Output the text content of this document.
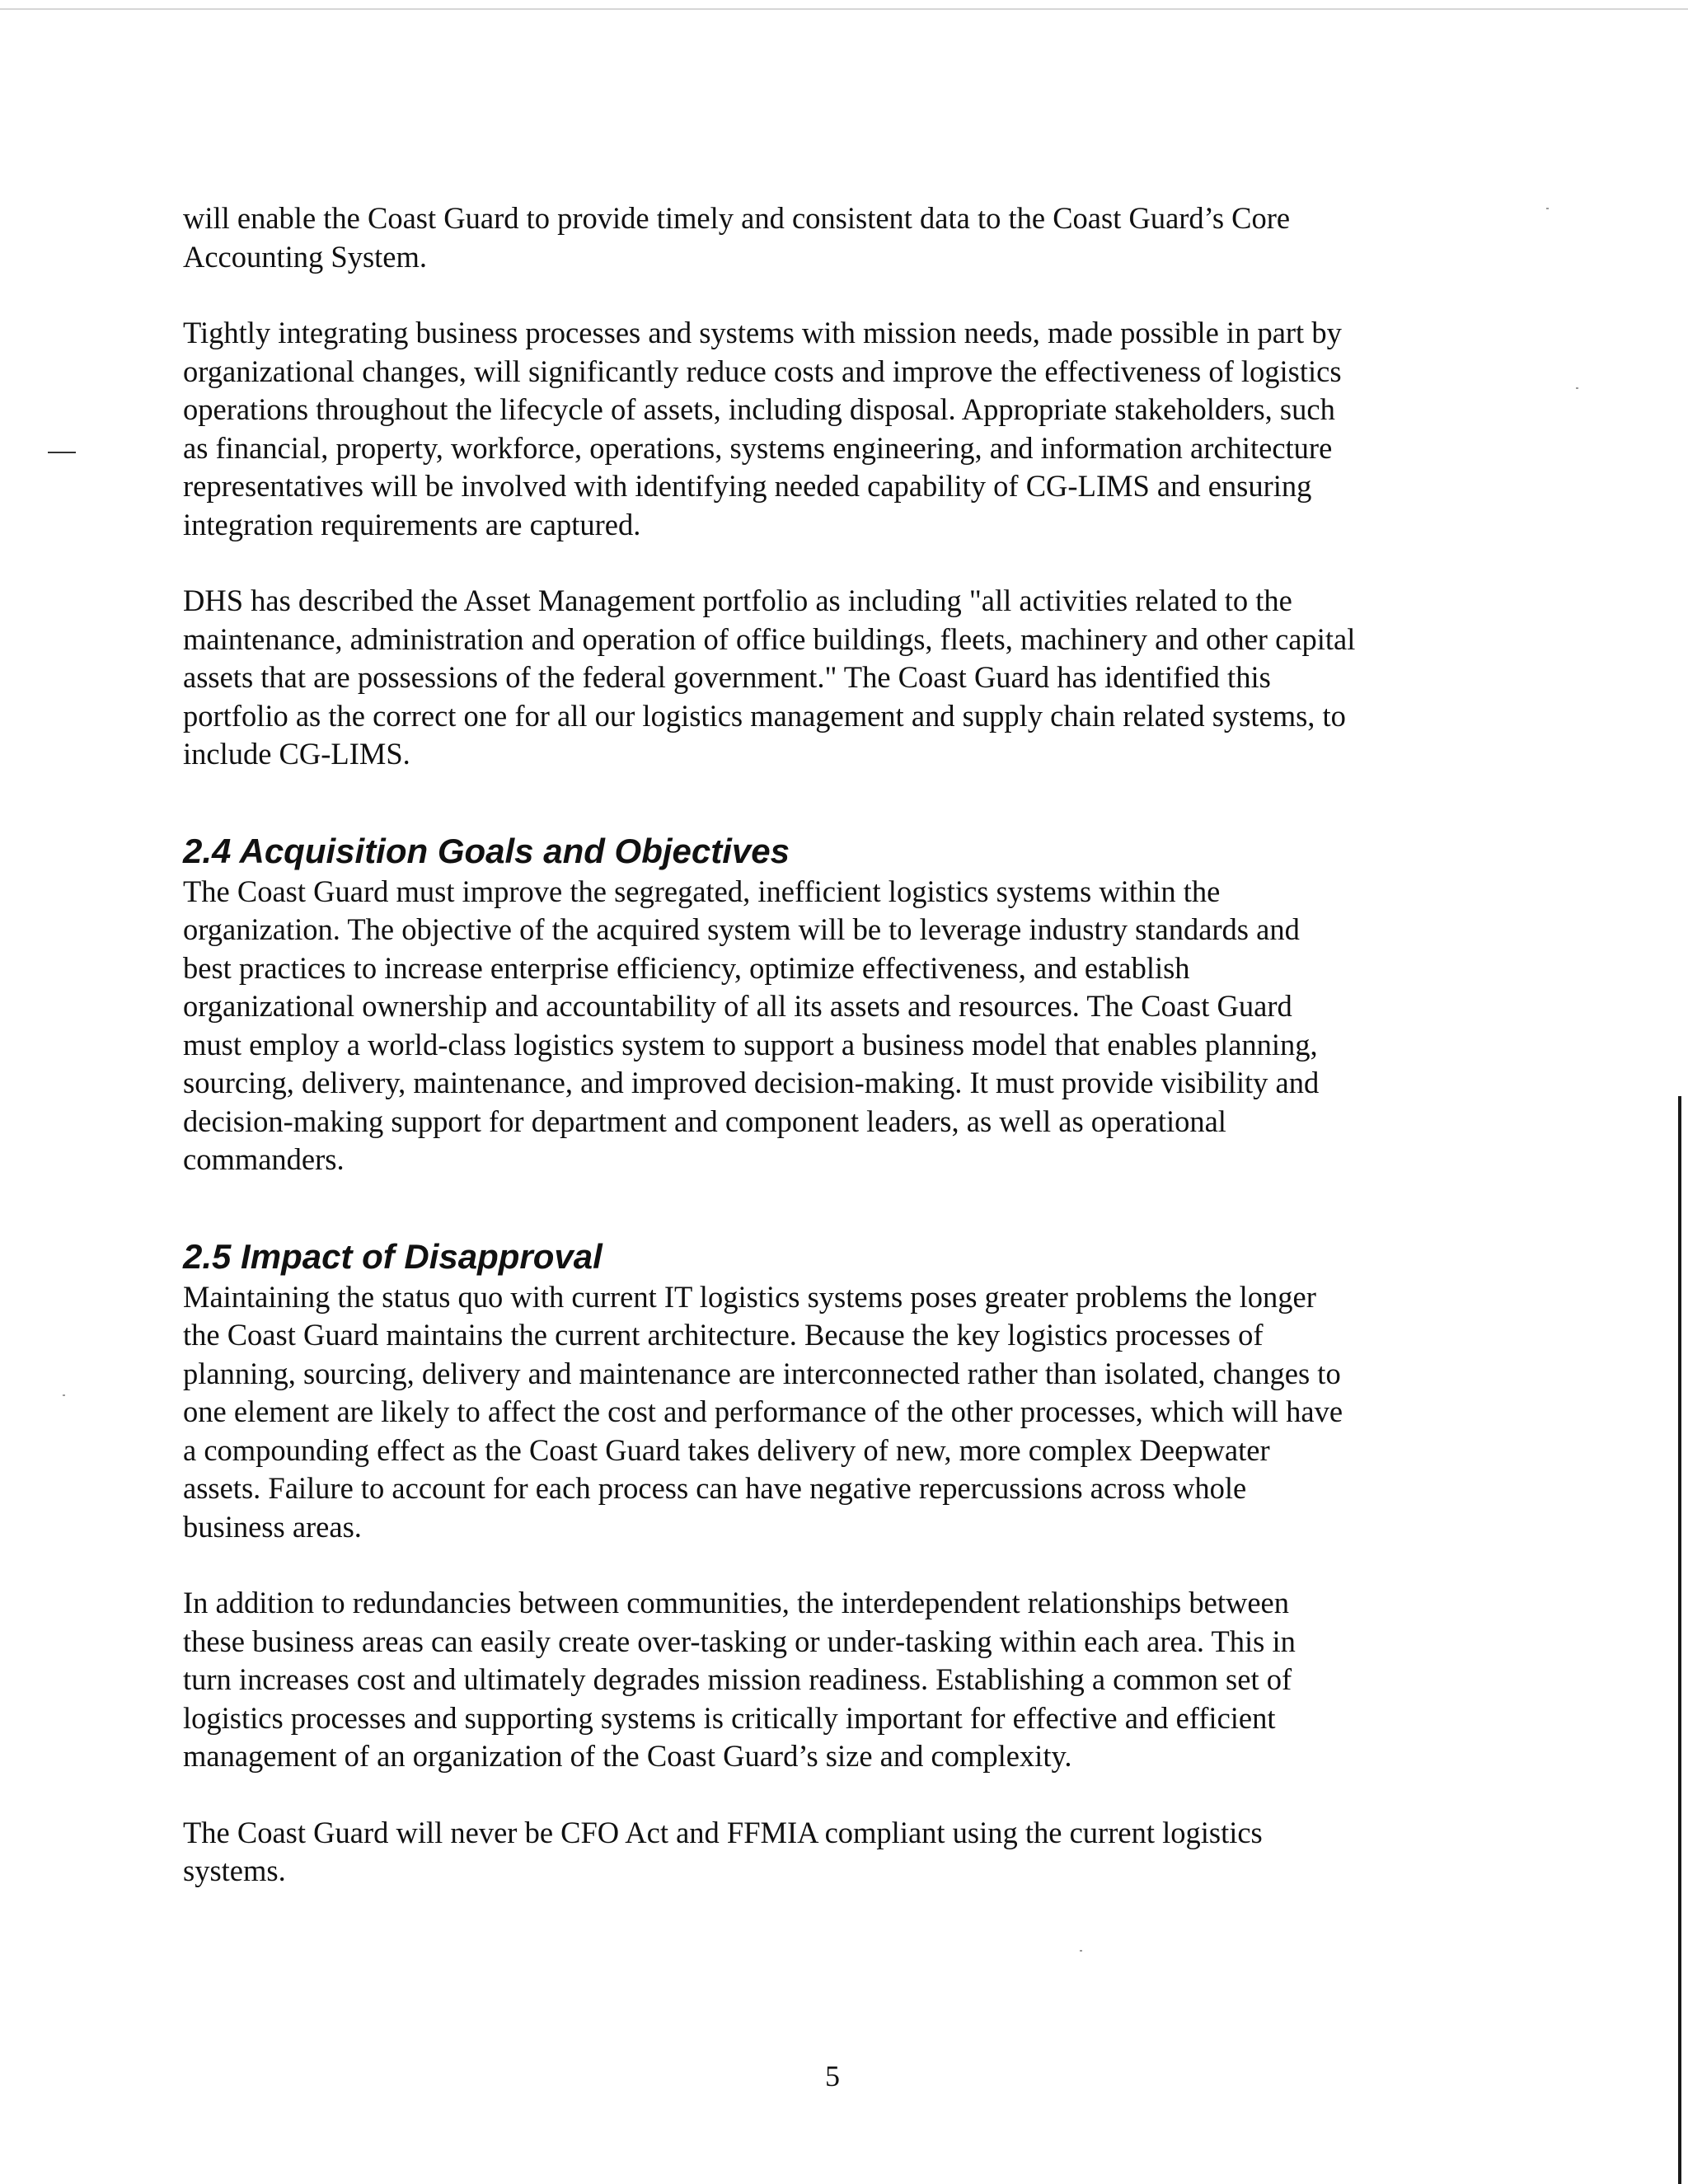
will enable the Coast Guard to provide timely and consistent data to the Coast Guard’s Core
Accounting System.

Tightly integrating business processes and systems with mission needs, made possible in part by
organizational changes, will significantly reduce costs and improve the effectiveness of logistics
operations throughout the lifecycle of assets, including disposal. Appropriate stakeholders, such
as financial, property, workforce, operations, systems engineering, and information architecture
representatives will be involved with identifying needed capability of CG-LIMS and ensuring
integration requirements are captured.

DHS has described the Asset Management portfolio as including "all activities related to the
maintenance, administration and operation of office buildings, fleets, machinery and other capital
assets that are possessions of the federal government." The Coast Guard has identified this
portfolio as the correct one for all our logistics management and supply chain related systems, to
include CG-LIMS.

2.4 Acquisition Goals and Objectives

The Coast Guard must improve the segregated, inefficient logistics systems within the
organization. The objective of the acquired system will be to leverage industry standards and
best practices to increase enterprise efficiency, optimize effectiveness, and establish
organizational ownership and accountability of all its assets and resources. The Coast Guard
must employ a world-class logistics system to support a business model that enables planning,
sourcing, delivery, maintenance, and improved decision-making. It must provide visibility and
decision-making support for department and component leaders, as well as operational
commanders.

2.5 Impact of Disapproval

Maintaining the status quo with current IT logistics systems poses greater problems the longer
the Coast Guard maintains the current architecture. Because the key logistics processes of
planning, sourcing, delivery and maintenance are interconnected rather than isolated, changes to
one element are likely to affect the cost and performance of the other processes, which will have
a compounding effect as the Coast Guard takes delivery of new, more complex Deepwater
assets. Failure to account for each process can have negative repercussions across whole
business areas.

In addition to redundancies between communities, the interdependent relationships between
these business areas can easily create over-tasking or under-tasking within each area. This in
turn increases cost and ultimately degrades mission readiness. Establishing a common set of
logistics processes and supporting systems is critically important for effective and efficient
management of an organization of the Coast Guard’s size and complexity.

The Coast Guard will never be CFO Act and FFMIA compliant using the current logistics
systems.

5
